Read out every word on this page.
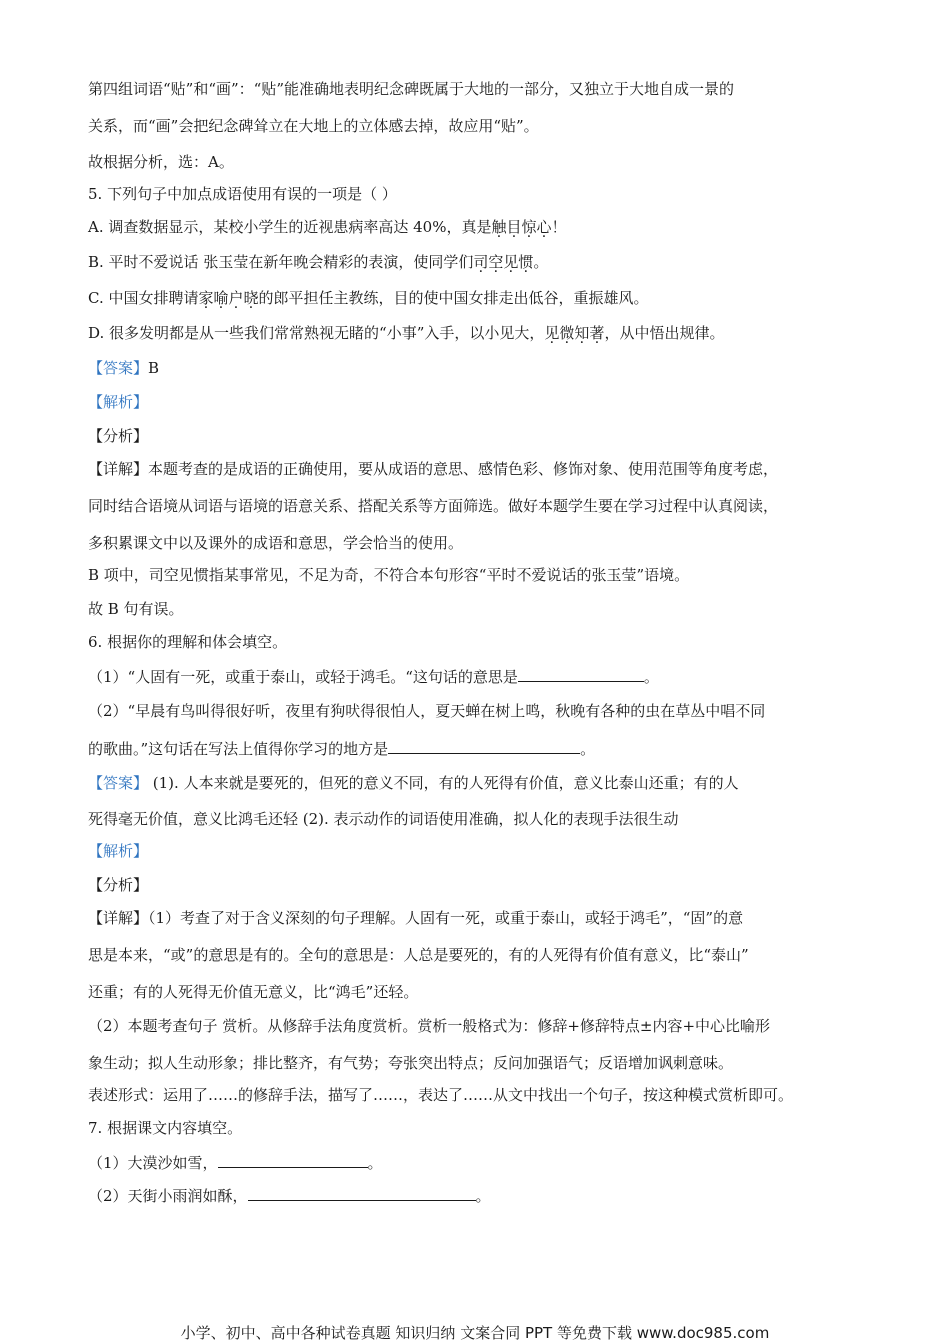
第四组词语“贴”和“画”：“贴”能准确地表明纪念碑既属于大地的一部分，又独立于大地自成一景的
关系，而“画”会把纪念碑耸立在大地上的立体感去掉，故应用“贴”。
故根据分析，选：A。
5. 下列句子中加点成语使用有误的一项是（ ）
A. 调查数据显示，某校小学生的近视患病率高达 40%，真是触目惊心！
B. 平时不爱说话 张玉莹在新年晚会精彩的表演，使同学们司空见惯。
C. 中国女排聘请家喻户晓的郎平担任主教练，目的使中国女排走出低谷，重振雄风。
D. 很多发明都是从一些我们常常熟视无睹的“小事”入手，以小见大，见微知著，从中悟出规律。
【答案】B
【解析】
【分析】
【详解】本题考查的是成语的正确使用，要从成语的意思、感情色彩、修饰对象、使用范围等角度考虑，
同时结合语境从词语与语境的语意关系、搭配关系等方面筛选。做好本题学生要在学习过程中认真阅读，
多积累课文中以及课外的成语和意思，学会恰当的使用。
B 项中，司空见惯指某事常见，不足为奇，不符合本句形容“平时不爱说话的张玉莹”语境。
故 B 句有误。
6. 根据你的理解和体会填空。
（1）“人固有一死，或重于泰山，或轻于鸿毛。“这句话的意思是	。
（2）“早晨有鸟叫得很好听，夜里有狗吠得很怕人，夏天蝉在树上鸣，秋晚有各种的虫在草丛中唱不同
的歌曲。”这句话在写法上值得你学习的地方是	。
【答案】 (1). 人本来就是要死的，但死的意义不同，有的人死得有价值，意义比泰山还重；有的人
死得毫无价值，意义比鸿毛还轻 (2). 表示动作的词语使用准确，拟人化的表现手法很生动
【解析】
【分析】
【详解】（1）考查了对于含义深刻的句子理解。人固有一死，或重于泰山，或轻于鸿毛”，“固”的意
思是本来，“或”的意思是有的。全句的意思是：人总是要死的，有的人死得有价值有意义，比“泰山”
还重；有的人死得无价值无意义，比“鸿毛”还轻。
（2）本题考查句子 赏析。从修辞手法角度赏析。赏析一般格式为：修辞+修辞特点±内容+中心比喻形
象生动；拟人生动形象；排比整齐，有气势；夸张突出特点；反问加强语气；反语增加讽刺意味。
表述形式：运用了……的修辞手法，描写了……，表达了……从文中找出一个句子，按这种模式赏析即可。
7. 根据课文内容填空。
（1）大漠沙如雪，	。
（2）天街小雨润如酥，	。
小学、初中、高中各种试卷真题 知识归纳 文案合同 PPT 等免费下载 www.doc985.com
